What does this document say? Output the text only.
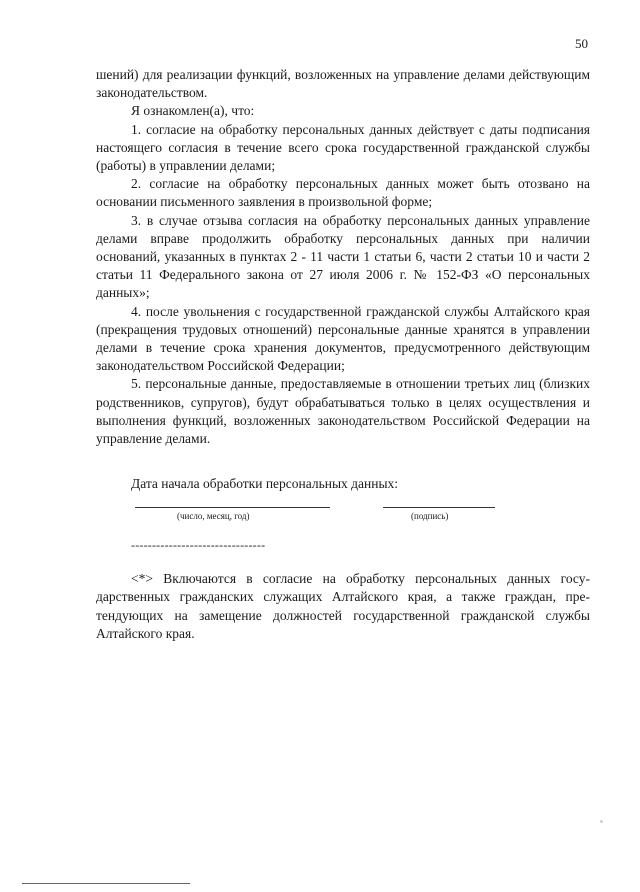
50

шений) для реализации функций, возложенных на управление делами действующим законодательством.

Я ознакомлен(а), что:

1. согласие на обработку персональных данных действует с даты подписания настоящего согласия в течение всего срока государственной гражданской службы (работы) в управлении делами;

2. согласие на обработку персональных данных может быть отозвано на основании письменного заявления в произвольной форме;

3. в случае отзыва согласия на обработку персональных данных управление делами вправе продолжить обработку персональных данных при наличии оснований, указанных в пунктах 2 - 11 части 1 статьи 6, части 2 статьи 10 и части 2 статьи 11 Федерального закона от 27 июля 2006 г. № 152-ФЗ «О персональных данных»;

4. после увольнения с государственной гражданской службы Алтайского края (прекращения трудовых отношений) персональные данные хранятся в управлении делами в течение срока хранения документов, предусмотренного действующим законодательством Российской Федерации;

5. персональные данные, предоставляемые в отношении третьих лиц (близких родственников, супругов), будут обрабатываться только в целях осуществления и выполнения функций, возложенных законодательством Российской Федерации на управление делами.

Дата начала обработки персональных данных:
(число, месяц, год)	(подпись)
--------------------------------

<*> Включаются в согласие на обработку персональных данных государственных гражданских служащих Алтайского края, а также граждан, претендующих на замещение должностей государственной гражданской службы Алтайского края.
